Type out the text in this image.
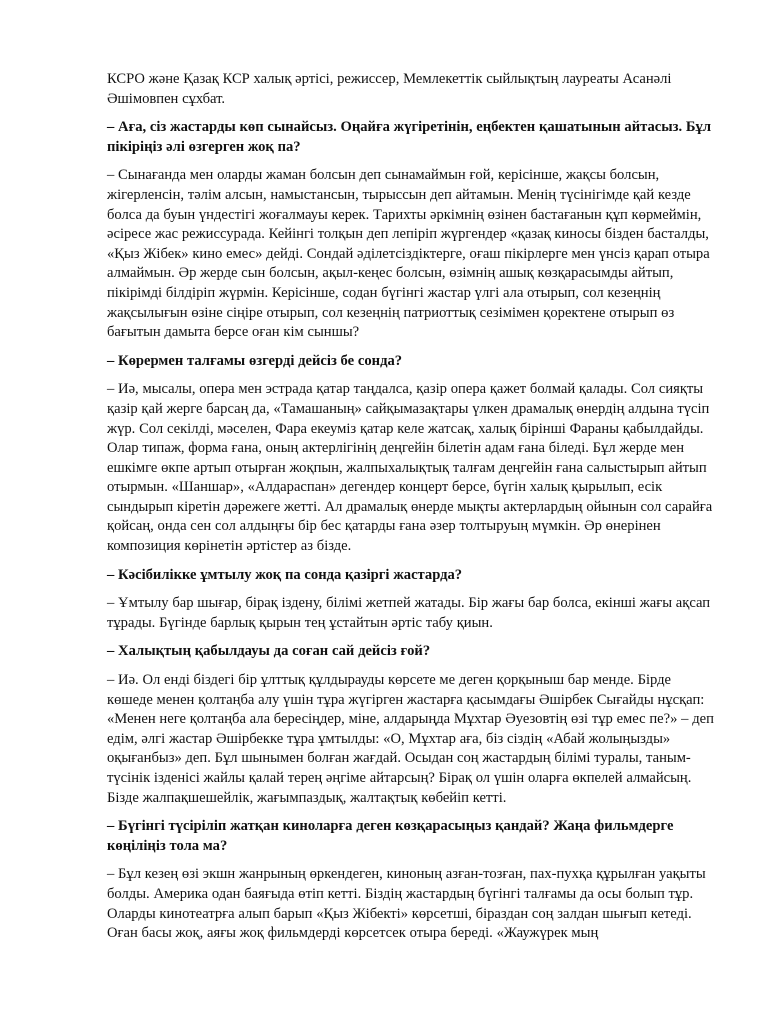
КСРО және Қазақ КСР халық әртісі, режиссер, Мемлекеттік сыйлықтың лауреаты Асанәлі Әшімовпен сұхбат.

– Аға, сіз жастарды көп сынайсыз. Оңайға жүгіретінін, еңбектен қашатынын айтасыз. Бұл пікіріңіз әлі өзгерген жоқ па?

– Сынағанда мен оларды жаман болсын деп сынамаймын ғой, керісінше, жақсы болсын, жігерленсін, тәлім алсын, намыстансын, тырыссын деп айтамын. Менің түсінігімде қай кезде болса да буын үндестігі жоғалмауы керек. Тарихты әркімнің өзінен бастағанын құп көрмеймін, әсіресе жас режиссурада. Кейінгі толқын деп лепіріп жүргендер «қазақ киносы бізден басталды, «Қыз Жібек» кино емес» дейді. Сондай әділетсіздіктерге, оғаш пікірлерге мен үнсіз қарап отыра алмаймын. Әр жерде сын болсын, ақыл-кеңес болсын, өзімнің ашық көзқарасымды айтып, пікірімді білдіріп жүрмін. Керісінше, содан бүгінгі жастар үлгі ала отырып, сол кезеңнің жақсылығын өзіне сіңіре отырып, сол кезеңнің патриоттық сезімімен қоректене отырып өз бағытын дамыта берсе оған кім сыншы?

– Көрермен талғамы өзгерді дейсіз бе сонда?

– Иә, мысалы, опера мен эстрада қатар таңдалса, қазір опера қажет болмай қалады. Сол сияқты қазір қай жерге барсаң да, «Тамашаның» сайқымазақтары үлкен драмалық өнердің алдына түсіп жүр. Сол секілді, мәселен, Фара екеуміз қатар келе жатсақ, халық бірінші Фараны қабылдайды. Олар типаж, форма ғана, оның актерлігінің деңгейін білетін адам ғана біледі. Бұл жерде мен ешкімге өкпе артып отырған жоқпын, жалпыхалықтық талғам деңгейін ғана салыстырып айтып отырмын. «Шаншар», «Алдараспан» дегендер концерт берсе, бүгін халық қырылып, есік сындырып кіретін дәрежеге жетті. Ал драмалық өнерде мықты актерлардың ойынын сол сарайға қойсаң, онда сен сол алдыңғы бір бес қатарды ғана әзер толтыруың мүмкін. Әр өнерінен композиция көрінетін әртістер аз бізде.

– Кәсібилікке ұмтылу жоқ па сонда қазіргі жастарда?

– Ұмтылу бар шығар, бірақ іздену, білімі жетпей жатады. Бір жағы бар болса, екінші жағы ақсап тұрады. Бүгінде барлық қырын тең ұстайтын әртіс табу қиын.

– Халықтың қабылдауы да соған сай дейсіз ғой?

– Иә. Ол енді біздегі бір ұлттық құлдырауды көрсете ме деген қорқыныш бар менде. Бірде көшеде менен қолтаңба алу үшін тұра жүгірген жастарға қасымдағы Әшірбек Сығайды нұсқап: «Менен неге қолтаңба ала бересіңдер, міне, алдарыңда Мұхтар Әуезовтің өзі тұр емес пе?» – деп едім, әлгі жастар Әшірбекке тұра ұмтылды: «О, Мұхтар аға, біз сіздің «Абай жолыңызды» оқығанбыз» деп. Бұл шынымен болған жағдай. Осыдан соң жастардың білімі туралы, таным-түсінік ізденісі жайлы қалай терең әңгіме айтарсың? Бірақ ол үшін оларға өкпелей алмайсың. Бізде жалпақшешейлік, жағымпаздық, жалтақтық көбейіп кетті.

– Бүгінгі түсіріліп жатқан киноларға деген көзқарасыңыз қандай? Жаңа фильмдерге көңіліңіз тола ма?

– Бұл кезең өзі экшн жанрының өркендеген, киноның азған-тозған, пах-пухқа құрылған уақыты болды. Америка одан баяғыда өтіп кетті. Біздің жастардың бүгінгі талғамы да осы болып тұр. Оларды кинотеатрға алып барып «Қыз Жібекті» көрсетші, біраздан соң залдан шығып кетеді. Оған басы жоқ, аяғы жоқ фильмдерді көрсетсек отыра береді. «Жаужүрек мың
